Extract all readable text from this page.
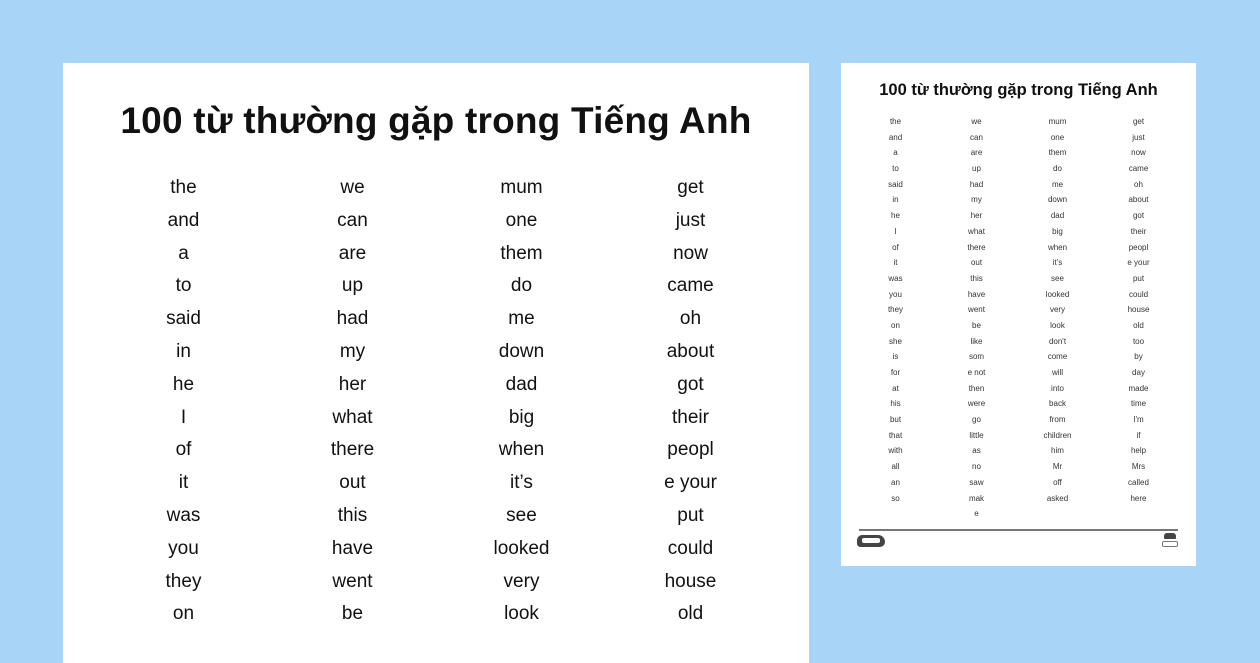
100 từ thường gặp trong Tiếng Anh
the
and
a
to
said
in
he
I
of
it
was
you
they
on
we
can
are
up
had
my
her
what
there
out
this
have
went
be
mum
one
them
do
me
down
dad
big
when
it’s
see
looked
very
look
get
just
now
came
oh
about
got
their
peopl
e your
put
could
house
old
100 từ thường gặp trong Tiếng Anh
the
and
a
to
said
in
he
I
of
it
was
you
they
on
she
is
for
at
his
but
that
with
all
an
so
we
can
are
up
had
my
her
what
there
out
this
have
went
be
like
som
e not
then
were
go
little
as
no
saw
mak
e
mum
one
them
do
me
down
dad
big
when
it’s
see
looked
very
look
don't
come
will
into
back
from
children
him
Mr
off
asked
get
just
now
came
oh
about
got
their
peopl
e your
put
could
house
old
too
by
day
made
time
I'm
if
help
Mrs
called
here
